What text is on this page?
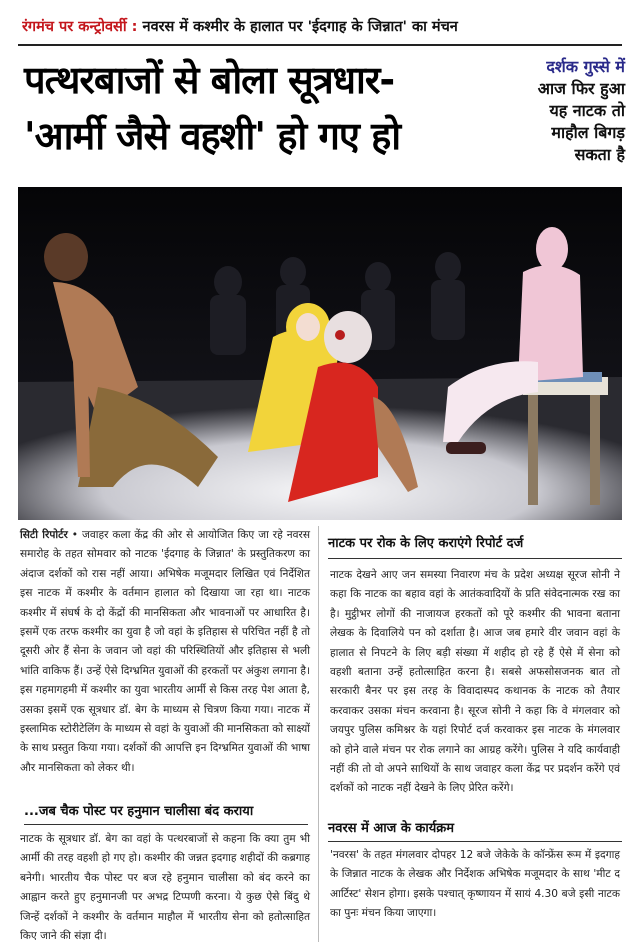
रंगमंच पर कन्ट्रोवर्सी : नवरस में कश्मीर के हालात पर 'ईदगाह के जिन्नात' का मंचन
पत्थरबाजों से बोला सूत्रधार-
'आर्मी जैसे वहशी' हो गए हो
दर्शक गुस्से में
आज फिर हुआ
यह नाटक तो
माहौल बिगड़
सकता है

सिटी रिपोर्टर • जवाहर कला केंद्र की ओर से आयोजित किए जा रहे नवरस समारोह के तहत सोमवार को नाटक 'ईदगाह के जिन्नात' के प्रस्तुतिकरण का अंदाज दर्शकों को रास नहीं आया। अभिषेक मजूमदार लिखित एवं निर्देशित इस नाटक में कश्मीर के वर्तमान हालात को दिखाया जा रहा था। नाटक कश्मीर में संघर्ष के दो केंद्रों की मानसिकता और भावनाओं पर आधारित है। इसमें एक तरफ कश्मीर का युवा है जो वहां के इतिहास से परिचित नहीं है तो दूसरी ओर हैं सेना के जवान जो वहां की परिस्थितियों और इतिहास से भली भांति वाकिफ हैं। उन्हें ऐसे दिग्भ्रमित युवाओं की हरकतों पर अंकुश लगाना है। इस गहमागहमी में कश्मीर का युवा भारतीय आर्मी से किस तरह पेश आता है, उसका इसमें एक सूत्रधार डॉ. बेग के माध्यम से चित्रण किया गया। नाटक में इस्लामिक स्टोरीटेलिंग के माध्यम से वहां के युवाओं की मानसिकता को साक्ष्यों के साथ प्रस्तुत किया गया। दर्शकों की आपत्ति इन दिग्भ्रमित युवाओं की भाषा और मानसिकता को लेकर थी।

नाटक पर रोक के लिए कराएंगे रिपोर्ट दर्ज

नाटक देखने आए जन समस्या निवारण मंच के प्रदेश अध्यक्ष सूरज सोनी ने कहा कि नाटक का बहाव वहां के आतंकवादियों के प्रति संवेदनात्मक रख का है। मुट्ठीभर लोगों की नाजायज हरकतों को पूरे कश्मीर की भावना बताना लेखक के दिवालिये पन को दर्शाता है। आज जब हमारे वीर जवान वहां के हालात से निपटने के लिए बड़ी संख्या में शहीद हो रहे हैं ऐसे में सेना को वहशी बताना उन्हें हतोत्साहित करना है। सबसे अफसोसजनक बात तो सरकारी बैनर पर इस तरह के विवादास्पद कथानक के नाटक को तैयार करवाकर उसका मंचन करवाना है। सूरज सोनी ने कहा कि वे मंगलवार को जयपुर पुलिस कमिश्नर के यहां रिपोर्ट दर्ज करवाकर इस नाटक के मंगलवार को होने वाले मंचन पर रोक लगाने का आग्रह करेंगे। पुलिस ने यदि कार्यवाही नहीं की तो वो अपने साथियों के साथ जवाहर कला केंद्र पर प्रदर्शन करेंगे एवं दर्शकों को नाटक नहीं देखने के लिए प्रेरित करेंगे।

...जब चैक पोस्ट पर हनुमान चालीसा बंद कराया

नाटक के सूत्रधार डॉ. बेग का वहां के पत्थरबाजों से कहना कि क्या तुम भी आर्मी की तरह वहशी हो गए हो। कश्मीर की जन्नत इदगाह शहीदों की कब्रगाह बनेगी। भारतीय चैक पोस्ट पर बज रहे हनुमान चालीसा को बंद करने का आह्वान करते हुए हनुमानजी पर अभद्र टिप्पणी करना। ये कुछ ऐसे बिंदु थे जिन्हें दर्शकों ने कश्मीर के वर्तमान माहौल में भारतीय सेना को हतोत्साहित किए जाने की संज्ञा दी।

नवरस में आज के कार्यक्रम

'नवरस' के तहत मंगलवार दोपहर 12 बजे जेकेके के कॉन्फ्रेंस रूम में इदगाह के जिन्नात नाटक के लेखक और निर्देशक अभिषेक मजूमदार के साथ 'मीट द आर्टिस्ट' सेशन होगा। इसके पश्चात् कृष्णायन में सायं 4.30 बजे इसी नाटक का पुनः मंचन किया जाएगा।
